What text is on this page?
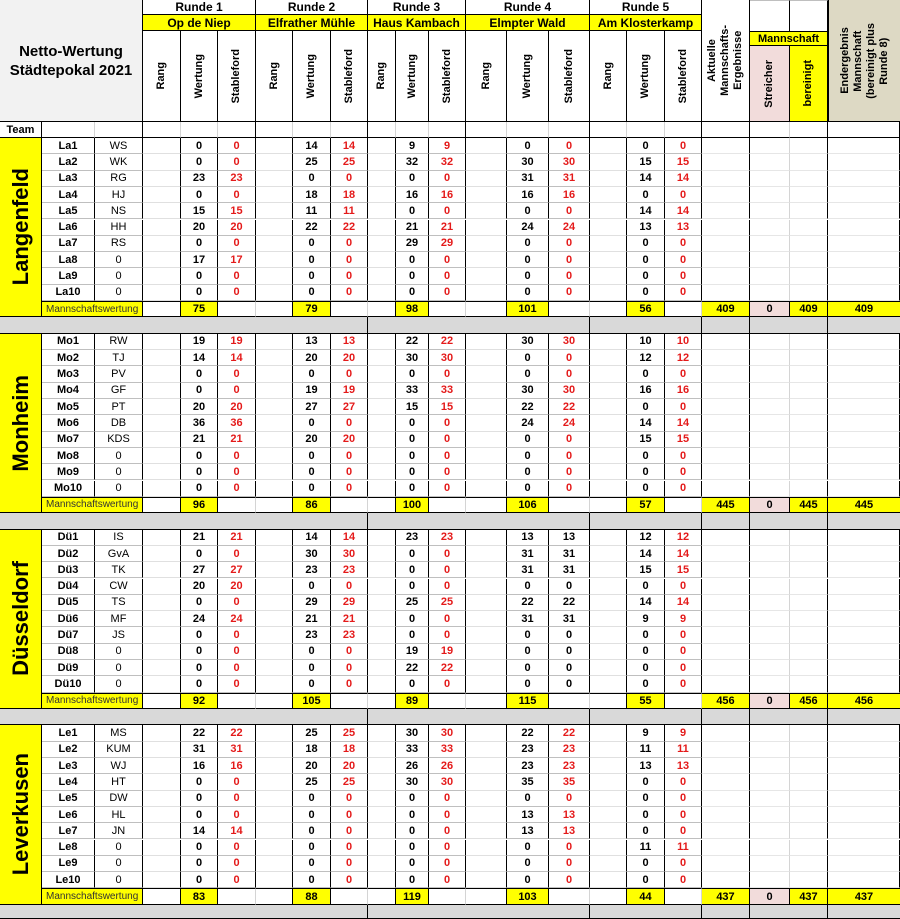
Netto-Wertung
Städtepokal 2021
Runde 1
Op de Niep
Rang Wertung Stableford
Runde 2
Elfrather Mühle
Rang Wertung Stableford
Runde 3
Haus Kambach
Rang Wertung Stableford
Runde 4
Elmpter Wald
Rang	Wertung	Stableford
Runde 5
Am Klosterkamp
Rang Wertung Stableford Aktuelle Mannschafts- Ergebnisse	Mannschaft
Streicher bereinigt Endergebnis Mannschaft (bereinigt plus Runde 8)
Team
Langenfeld
La1	WS	0	0	14	14	9	9	0	0	0	0
La2	WK	0	0	25	25	32	32	30	30	15	15
La3	RG	23	23	0	0	0	0	31	31	14	14
La4	HJ	0	0	18	18	16	16	16	16	0	0
La5	NS	15	15	11	11	0	0	0	0	14	14
La6	HH	20	20	22	22	21	21	24	24	13	13
La7	RS	0	0	0	0	29	29	0	0	0	0
La8	0	17	17	0	0	0	0	0	0	0	0
La9	0	0	0	0	0	0	0	0	0	0	0
La10	0	0	0	0	0	0	0	0	0	0	0
Mannschaftswertung	75	79	98	101	56	409	0	409	409
Monheim
Mo1	RW	19	19	13	13	22	22	30	30	10	10
Mo2	TJ	14	14	20	20	30	30	0	0	12	12
Mo3	PV	0	0	0	0	0	0	0	0	0	0
Mo4	GF	0	0	19	19	33	33	30	30	16	16
Mo5	PT	20	20	27	27	15	15	22	22	0	0
Mo6	DB	36	36	0	0	0	0	24	24	14	14
Mo7	KDS	21	21	20	20	0	0	0	0	15	15
Mo8	0	0	0	0	0	0	0	0	0	0	0
Mo9	0	0	0	0	0	0	0	0	0	0	0
Mo10	0	0	0	0	0	0	0	0	0	0	0
Mannschaftswertung	96	86	100	106	57	445	0	445	445
Düsseldorf
Dü1	IS	21	21	14	14	23	23	13	13	12	12
Dü2	GvA	0	0	30	30	0	0	31	31	14	14
Dü3	TK	27	27	23	23	0	0	31	31	15	15
Dü4	CW	20	20	0	0	0	0	0	0	0	0
Dü5	TS	0	0	29	29	25	25	22	22	14	14
Dü6	MF	24	24	21	21	0	0	31	31	9	9
Dü7	JS	0	0	23	23	0	0	0	0	0	0
Dü8	0	0	0	0	0	19	19	0	0	0	0
Dü9	0	0	0	0	0	22	22	0	0	0	0
Dü10	0	0	0	0	0	0	0	0	0	0	0
Mannschaftswertung	92	105	89	115	55	456	0	456	456
Leverkusen
Le1	MS	22	22	25	25	30	30	22	22	9	9
Le2	KUM	31	31	18	18	33	33	23	23	11	11
Le3	WJ	16	16	20	20	26	26	23	23	13	13
Le4	HT	0	0	25	25	30	30	35	35	0	0
Le5	DW	0	0	0	0	0	0	0	0	0	0
Le6	HL	0	0	0	0	0	0	13	13	0	0
Le7	JN	14	14	0	0	0	0	13	13	0	0
Le8	0	0	0	0	0	0	0	0	0	11	11
Le9	0	0	0	0	0	0	0	0	0	0	0
Le10	0	0	0	0	0	0	0	0	0	0	0
Mannschaftswertung	83	88	119	103	44	437	0	437	437
